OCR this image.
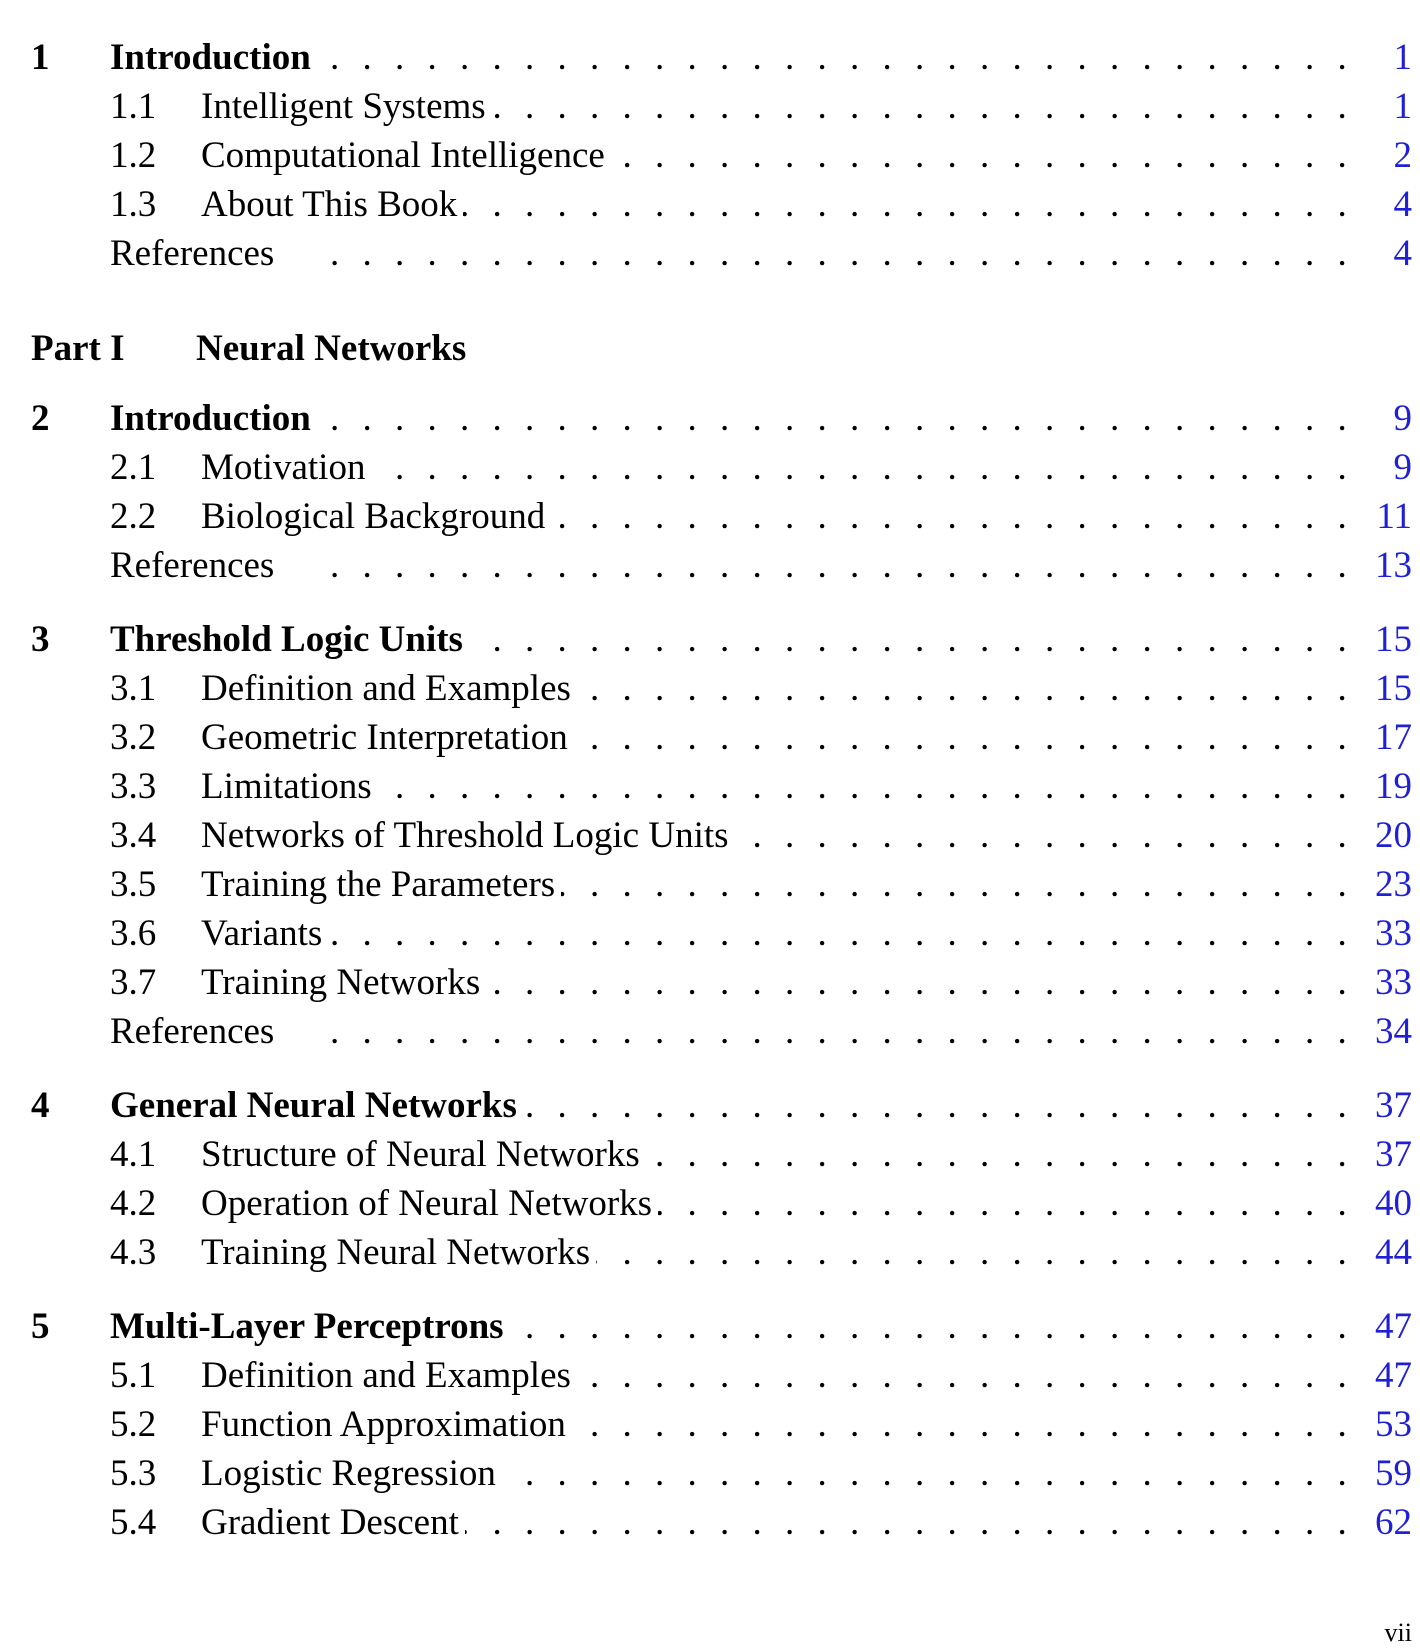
. . .
1 Introduction	1
. . .
1.1 Intelligent Systems	1
. . .
1.2 Computational Intelligence	2
. . .
1.3 About This Book	4
. . .
References	4
Part I Neural Networks
. . .
2 Introduction	9
. . .
2.1 Motivation	9
. . .
2.2 Biological Background	11
. . .
References	13
. . .
3 Threshold Logic Units	15
. . .
3.1 Definition and Examples	15
. . .
3.2 Geometric Interpretation	17
. . .
3.3 Limitations	19
. . .
3.4 Networks of Threshold Logic Units	20
. . .
3.5 Training the Parameters	23
. . .
3.6 Variants	33
. . .
3.7 Training Networks	33
. . .
References	34
. . .
4 General Neural Networks	37
. . .
4.1 Structure of Neural Networks	37
. . .
4.2 Operation of Neural Networks	40
. . .
4.3 Training Neural Networks	44
. . .
5 Multi-Layer Perceptrons	47
. . .
5.1 Definition and Examples	47
. . .
5.2 Function Approximation	53
. . .
5.3 Logistic Regression	59
. . .
5.4 Gradient Descent	62
vii
